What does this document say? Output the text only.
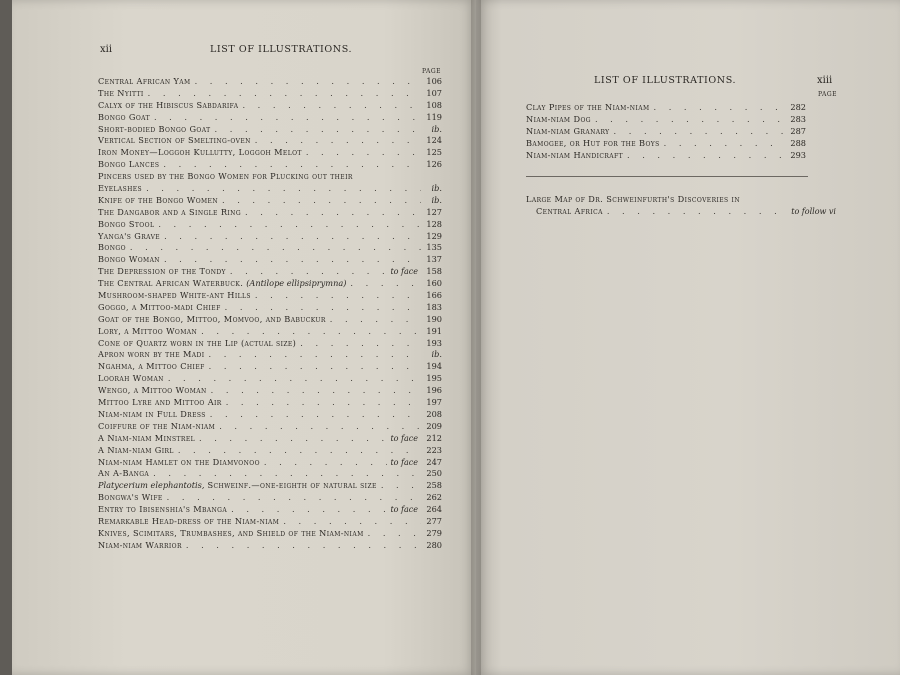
xii	LIST OF ILLUSTRATIONS.
PAGE
Central African Yam . . .	106
The Nyitti . . .	107
Calyx of the Hibiscus Sabdarifa . . .	108
Bongo Goat . . .	119
Short-bodied Bongo Goat . . .	ib.
Vertical Section of Smelting-oven . . .	124
Iron Money—Loggoh Kullutty, Loggoh Melot . . .	125
Bongo Lances . . .	126
Pincers used by the Bongo Women for Plucking out their
Eyelashes . . .	ib.
Knife of the Bongo Women . . .	ib.
The Dangabor and a Single Ring . . .	127
Bongo Stool . . .	128
Yanga's Grave . . .	129
Bongo . . .	135
Bongo Woman . . .	137
The Depression of the Tondy . . .	to face 158
The Central African Waterbuck. (Antilope ellipsiprymna) . . .	160
Mushroom-shaped White-ant Hills . . .	166
Goggo, a Mittoo-madi Chief . . .	183
Goat of the Bongo, Mittoo, Momvoo, and Babuckur . . .	190
Lory, a Mittoo Woman . . .	191
Cone of Quartz worn in the Lip (actual size) . . .	193
Apron worn by the Madi . . .	ib.
Ngahma, a Mittoo Chief . . .	194
Loorah Woman . . .	195
Wengo, a Mittoo Woman . . .	196
Mittoo Lyre and Mittoo Air . . .	197
Niam-niam in Full Dress . . .	208
Coiffure of the Niam-niam . . .	209
A Niam-niam Minstrel . . .	to face 212
A Niam-niam Girl . . .	223
Niam-niam Hamlet on the Diamvonoo . . .	to face 247
An A-Banga . . .	250
Platycerium elephantotis, Schweinf.—one-eighth of natural size . . .	258
Bongwa's Wife . . .	262
Entry to Ibisenshia's Mbanga . . .	to face 264
Remarkable Head-dress of the Niam-niam . . .	277
Knives, Scimitars, Trumbashes, and Shield of the Niam-niam . . .	279
Niam-niam Warrior . . .	280
LIST OF ILLUSTRATIONS.	xiii
PAGE
Clay Pipes of the Niam-niam . . .	282
Niam-niam Dog . . .	283
Niam-niam Granary . . .	287
Bamogee, or Hut for the Boys . . .	288
Niam-niam Handicraft . . .	293
Large Map of Dr. Schweinfurth's Discoveries in
Central Africa . . .	to follow vi
